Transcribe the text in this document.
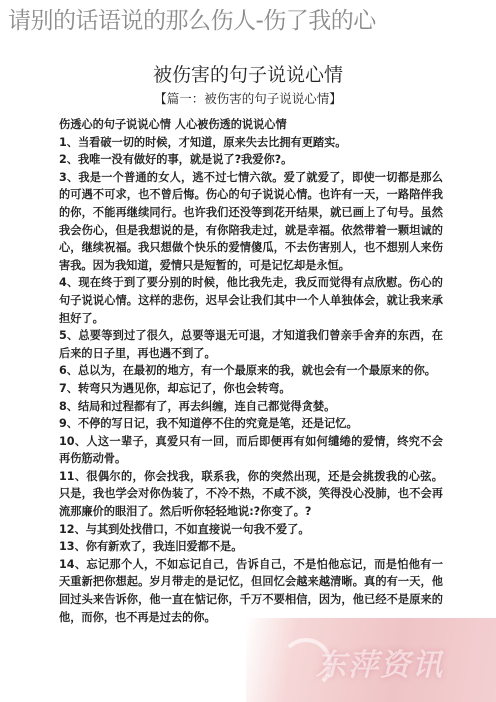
请别的话语说的那么伤人-伤了我的心
被伤害的句子说说心情
【篇一：被伤害的句子说说心情】

伤透心的句子说说心情 人心被伤透的说说心情

1、当看破一切的时候，才知道，原来失去比拥有更踏实。

2、我唯一没有做好的事，就是说了?我爱你?。

3、我是一个普通的女人，逃不过七情六欲。爱了就爱了，即使一切都是那么的可遇不可求，也不曾后悔。伤心的句子说说心情。也许有一天，一路陪伴我的你，不能再继续同行。也许我们还没等到花开结果，就已画上了句号。虽然我会伤心，但是我想说的是，有你陪我走过，就是幸福。依然带着一颗坦诚的心，继续祝福。我只想做个快乐的爱情傻瓜，不去伤害别人，也不想别人来伤害我。因为我知道，爱情只是短暂的，可是记忆却是永恒。

4、现在终于到了要分别的时候，他比我先走，我反而觉得有点欣慰。伤心的句子说说心情。这样的悲伤，迟早会让我们其中一个人单独体会，就让我来承担好了。

5、总要等到过了很久，总要等退无可退，才知道我们曾亲手舍弃的东西，在后来的日子里，再也遇不到了。

6、总以为，在最初的地方，有一个最原来的我，就也会有一个最原来的你。

7、转弯只为遇见你，却忘记了，你也会转弯。

8、结局和过程都有了，再去纠缠，连自己都觉得贪婪。

9、不停的写日记，我不知道停不住的究竟是笔，还是记忆。

10、人这一辈子，真爱只有一回，而后即便再有如何缱绻的爱情，终究不会再伤筋动骨。

11、很偶尔的，你会找我，联系我，你的突然出现，还是会挑拨我的心弦。只是，我也学会对你伪装了，不冷不热，不咸不淡，笑得没心没肺，也不会再流那廉价的眼泪了。然后听你轻轻地说:?你变了。?

12、与其到处找借口，不如直接说一句我不爱了。

13、你有新欢了，我连旧爱都不是。

14、忘记那个人，不如忘记自己，告诉自己，不是怕他忘记，而是怕他有一天重新把你想起。岁月带走的是记忆，但回忆会越来越清晰。真的有一天，他回过头来告诉你，他一直在惦记你，千万不要相信，因为，他已经不是原来的他，而你，也不再是过去的你。

东萍资讯
